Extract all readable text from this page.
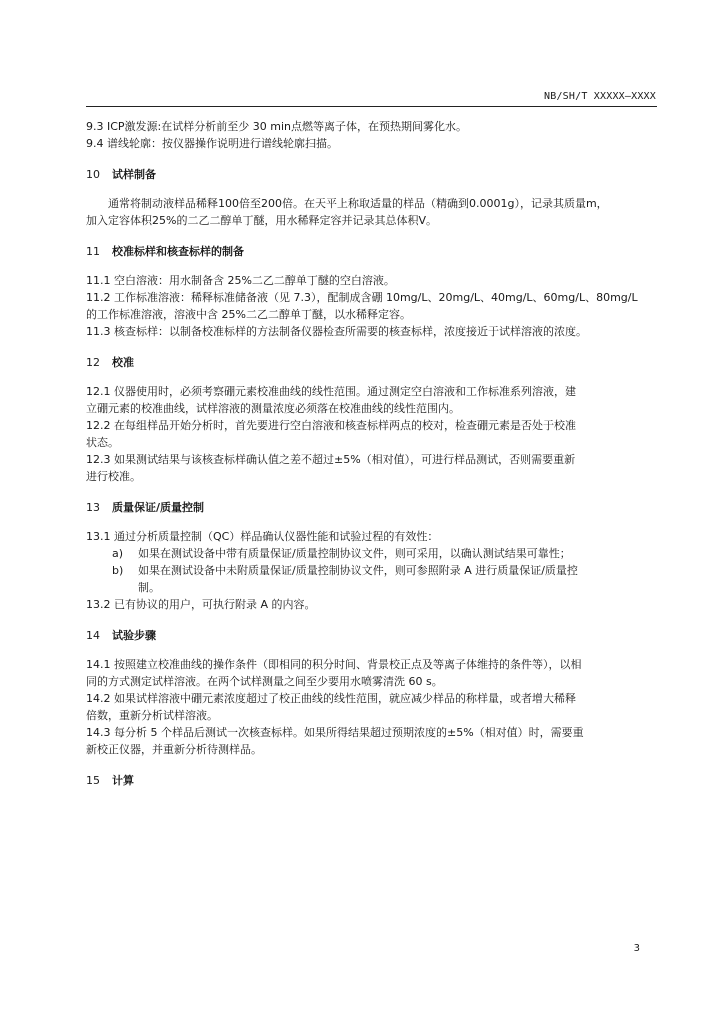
NB/SH/T XXXXX—XXXX

9.3 ICP激发源:在试样分析前至少 30 min点燃等离子体，在预热期间雾化水。

9.4 谱线轮廓：按仪器操作说明进行谱线轮廓扫描。

10 试样制备

通常将制动液样品稀释100倍至200倍。在天平上称取适量的样品（精确到0.0001g），记录其质量m，

加入定容体积25%的二乙二醇单丁醚，用水稀释定容并记录其总体积V。

11 校准标样和核查标样的制备

11.1 空白溶液：用水制备含 25%二乙二醇单丁醚的空白溶液。

11.2 工作标准溶液：稀释标准储备液（见 7.3），配制成含硼 10mg/L、20mg/L、40mg/L、60mg/L、80mg/L

的工作标准溶液，溶液中含 25%二乙二醇单丁醚，以水稀释定容。

11.3 核查标样：以制备校准标样的方法制备仪器检查所需要的核查标样，浓度接近于试样溶液的浓度。

12 校准

12.1 仪器使用时，必须考察硼元素校准曲线的线性范围。通过测定空白溶液和工作标准系列溶液，建

立硼元素的校准曲线，试样溶液的测量浓度必须落在校准曲线的线性范围内。

12.2 在每组样品开始分析时，首先要进行空白溶液和核查标样两点的校对，检查硼元素是否处于校准

状态。

12.3 如果测试结果与该核查标样确认值之差不超过±5%（相对值），可进行样品测试，否则需要重新

进行校准。

13 质量保证/质量控制

13.1 通过分析质量控制（QC）样品确认仪器性能和试验过程的有效性：

a) 如果在测试设备中带有质量保证/质量控制协议文件，则可采用，以确认测试结果可靠性；

b) 如果在测试设备中未附质量保证/质量控制协议文件，则可参照附录 A 进行质量保证/质量控

制。

13.2 已有协议的用户，可执行附录 A 的内容。

14 试验步骤

14.1 按照建立校准曲线的操作条件（即相同的积分时间、背景校正点及等离子体维持的条件等），以相

同的方式测定试样溶液。在两个试样测量之间至少要用水喷雾清洗 60 s。

14.2 如果试样溶液中硼元素浓度超过了校正曲线的线性范围，就应减少样品的称样量，或者增大稀释

倍数，重新分析试样溶液。

14.3 每分析 5 个样品后测试一次核查标样。如果所得结果超过预期浓度的±5%（相对值）时，需要重

新校正仪器，并重新分析待测样品。

15 计算

3
